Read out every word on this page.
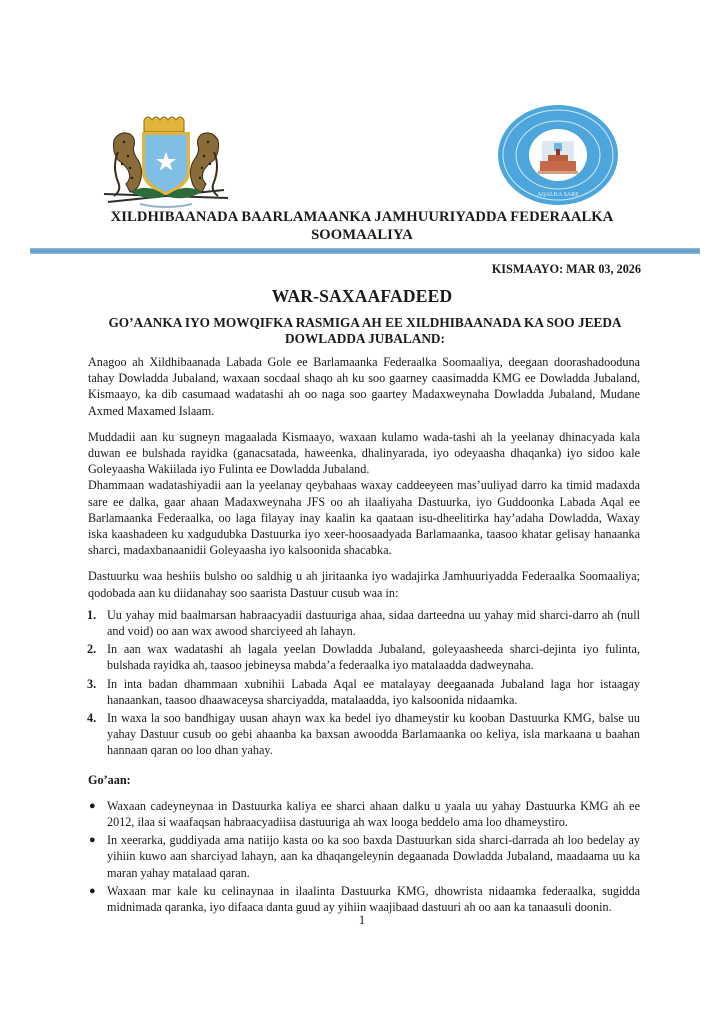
AQALKA SARE
XILDHIBAANADA BAARLAMAANKA JAMHUURIYADDA FEDERAALKA
SOOMAALIYA
KISMAAYO: MAR 03, 2026
WAR-SAXAAFADEED
GO’AANKA IYO MOWQIFKA RASMIGA AH EE XILDHIBAANADA KA SOO JEEDA
DOWLADDA JUBALAND:

Anagoo ah Xildhibaanada Labada Gole ee Barlamaanka Federaalka Soomaaliya, deegaan doorashadooduna tahay Dowladda Jubaland, waxaan socdaal shaqo ah ku soo gaarney caasimadda KMG ee Dowladda Jubaland, Kismaayo, ka dib casumaad wadatashi ah oo naga soo gaartey Madaxweynaha Dowladda Jubaland, Mudane Axmed Maxamed Islaam.

Muddadii aan ku sugneyn magaalada Kismaayo, waxaan kulamo wada-tashi ah la yeelanay dhinacyada kala duwan ee bulshada rayidka (ganacsatada, haweenka, dhalinyarada, iyo odeyaasha dhaqanka) iyo sidoo kale Goleyaasha Wakiilada iyo Fulinta ee Dowladda Jubaland.

Dhammaan wadatashiyadii aan la yeelanay qeybahaas waxay caddeeyeen mas’uuliyad darro ka timid madaxda sare ee dalka, gaar ahaan Madaxweynaha JFS oo ah ilaaliyaha Dastuurka, iyo Guddoonka Labada Aqal ee Barlamaanka Federaalka, oo laga filayay inay kaalin ka qaataan isu-dheelitirka hay’adaha Dowladda, Waxay iska kaashadeen ku xadgudubka Dastuurka iyo xeer-hoosaadyada Barlamaanka, taasoo khatar gelisay hanaanka sharci, madaxbanaanidii Goleyaasha iyo kalsoonida shacabka.

Dastuurku waa heshiis bulsho oo saldhig u ah jiritaanka iyo wadajirka Jamhuuriyadda Federaalka Soomaaliya; qodobada aan ku diidanahay soo saarista Dastuur cusub waa in:

1. Uu yahay mid baalmarsan habraacyadii dastuuriga ahaa, sidaa darteedna uu yahay mid sharci-darro ah (null and void) oo aan wax awood sharciyeed ah lahayn.
2. In aan wax wadatashi ah lagala yeelan Dowladda Jubaland, goleyaasheeda sharci-dejinta iyo fulinta, bulshada rayidka ah, taasoo jebineysa mabda’a federaalka iyo matalaadda dadweynaha.
3. In inta badan dhammaan xubnihii Labada Aqal ee matalayay deegaanada Jubaland laga hor istaagay hanaankan, taasoo dhaawaceysa sharciyadda, matalaadda, iyo kalsoonida nidaamka.
4. In waxa la soo bandhigay uusan ahayn wax ka bedel iyo dhameystir ku kooban Dastuurka KMG, balse uu yahay Dastuur cusub oo gebi ahaanba ka baxsan awoodda Barlamaanka oo keliya, isla markaana u baahan hannaan qaran oo loo dhan yahay.

Go’aan:

● Waxaan cadeyneynaa in Dastuurka kaliya ee sharci ahaan dalku u yaala uu yahay Dastuurka KMG ah ee 2012, ilaa si waafaqsan habraacyadiisa dastuuriga ah wax looga beddelo ama loo dhameystiro.
● In xeerarka, guddiyada ama natiijo kasta oo ka soo baxda Dastuurkan sida sharci-darrada ah loo bedelay ay yihiin kuwo aan sharciyad lahayn, aan ka dhaqangeleynin degaanada Dowladda Jubaland, maadaama uu ka maran yahay matalaad qaran.
● Waxaan mar kale ku celinaynaa in ilaalinta Dastuurka KMG, dhowrista nidaamka federaalka, sugidda midnimada qaranka, iyo difaaca danta guud ay yihiin waajibaad dastuuri ah oo aan ka tanaasuli doonin.
1
